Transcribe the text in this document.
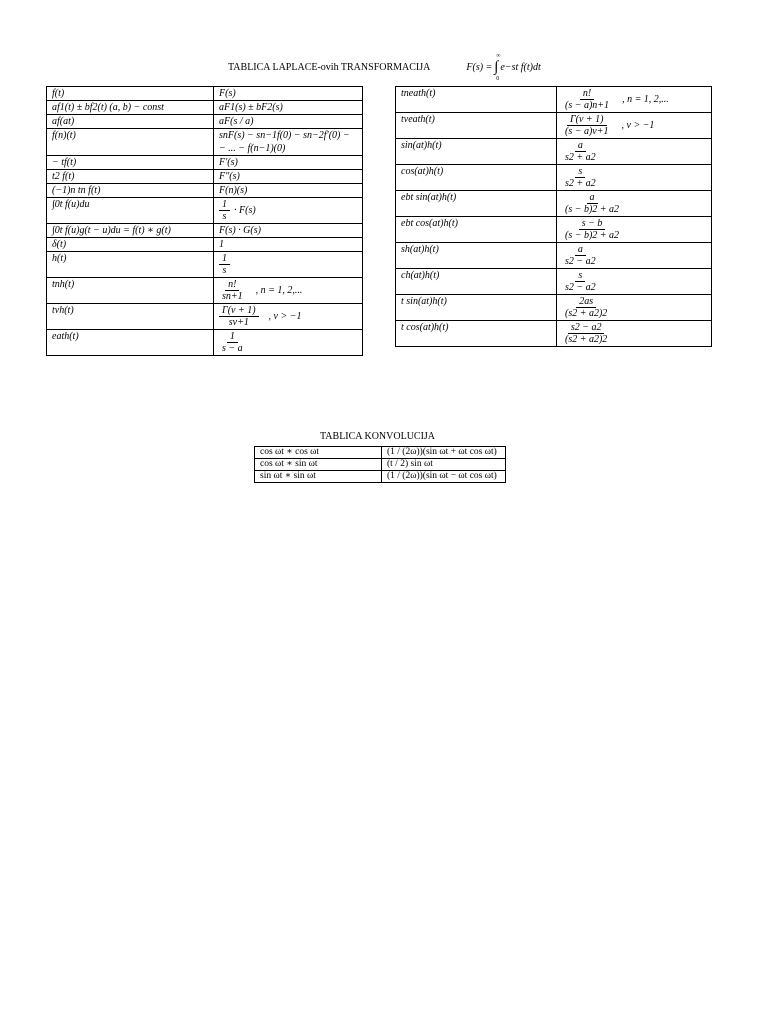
TABLICA LAPLACE-ovih TRANSFORMACIJA	F(s) = ∫
∞
0
e−st f(t)dt
f(t)	F(s)
af1(t) ± bf2(t) (a, b) − const	aF1(s) ± bF2(s)
af(at)	aF(s / a)
f(n)(t)	snF(s) − sn−1f(0) − sn−2f′(0) − − ... − f(n−1)(0)
− tf(t)	F′(s)
t2 f(t)	F″(s)
(−1)n tn f(t)	F(n)(s)
∫0t f(u)du	$\frac{1}{s} \cdot F(s)$
∫0t f(u)g(t − u)du = f(t) ∗ g(t)	F(s) · G(s)
δ(t)	1
h(t)	$\frac{1}{s}$

tnh(t)	$\frac{n!}{sn+1}$ , n = 1, 2,...
tνh(t)	$\frac{\Gamma(\nu + 1)}{s\nu+1}$ , ν > −1
eath(t)	$\frac{1}{s - a}$
tneath(t)	$\frac{n!}{(s - a)n+1}$ , n = 1, 2,...
tνeath(t)	$\frac{\Gamma(\nu + 1)}{(s - a)\nu+1}$ , ν > −1
sin(at)h(t)	$\frac{a}{s2 + a2}$

cos(at)h(t)	$\frac{s}{s2 + a2}$

ebt sin(at)h(t)	$\frac{a}{(s - b)2 + a2}$

ebt cos(at)h(t)	$\frac{s - b}{(s - b)2 + a2}$

sh(at)h(t)	$\frac{a}{s2 - a2}$

ch(at)h(t)	$\frac{s}{s2 - a2}$

t sin(at)h(t)	$\frac{2as}{(s2 + a2)2}$

t cos(at)h(t)	$\frac{s2 - a2}{(s2 + a2)2}$
TABLICA KONVOLUCIJA
cos ωt ∗ cos ωt	(1 / (2ω))(sin ωt + ωt cos ωt)
cos ωt ∗ sin ωt	(t / 2) sin ωt
sin ωt ∗ sin ωt	(1 / (2ω))(sin ωt − ωt cos ωt)
